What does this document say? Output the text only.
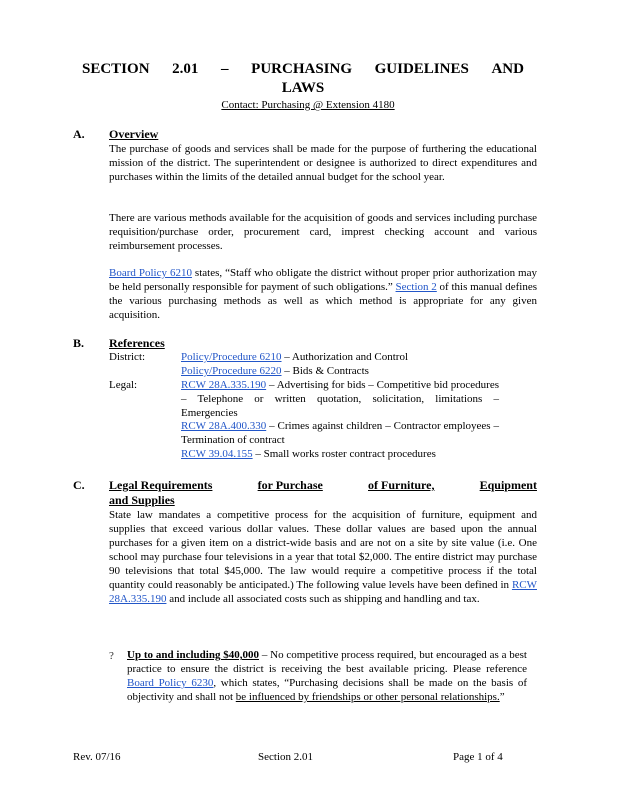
SECTION 2.01 – PURCHASING GUIDELINES AND
LAWS
Contact: Purchasing @ Extension 4180
A. Overview

The purchase of goods and services shall be made for the purpose of furthering the educational mission of the district. The superintendent or designee is authorized to direct expenditures and purchases within the limits of the detailed annual budget for the school year.

There are various methods available for the acquisition of goods and services including purchase requisition/purchase order, procurement card, imprest checking account and various reimbursement processes.

Board Policy 6210 states, “Staff who obligate the district without proper prior authorization may be held personally responsible for payment of such obligations.” Section 2 of this manual defines the various purchasing methods as well as which method is appropriate for any given acquisition.

B. References
District:	Policy/Procedure 6210 – Authorization and Control
Policy/Procedure 6220 – Bids & Contracts
Legal:	RCW 28A.335.190 – Advertising for bids – Competitive bid procedures – Telephone or written quotation, solicitation, limitations – Emergencies
RCW 28A.400.330 – Crimes against children – Contractor employees – Termination of contract
RCW 39.04.155 – Small works roster contract procedures
C. Legal Requirements	for Purchase	of Furniture,	Equipment
and Supplies

State law mandates a competitive process for the acquisition of furniture, equipment and supplies that exceed various dollar values. These dollar values are based upon the annual purchases for a given item on a district-wide basis and are not on a site by site value (i.e. One school may purchase four televisions in a year that total $2,000. The entire district may purchase 90 televisions that total $45,000. The law would require a competitive process if the total quantity could reasonably be anticipated.) The following value levels have been defined in RCW 28A.335.190 and include all associated costs such as shipping and handling and tax.

? Up to and including $40,000 – No competitive process required, but encouraged as a best practice to ensure the district is receiving the best available pricing. Please reference Board Policy 6230, which states, “Purchasing decisions shall be made on the basis of objectivity and shall not be influenced by friendships or other personal relationships.”
Rev. 07/16	Section 2.01	Page 1 of 4
